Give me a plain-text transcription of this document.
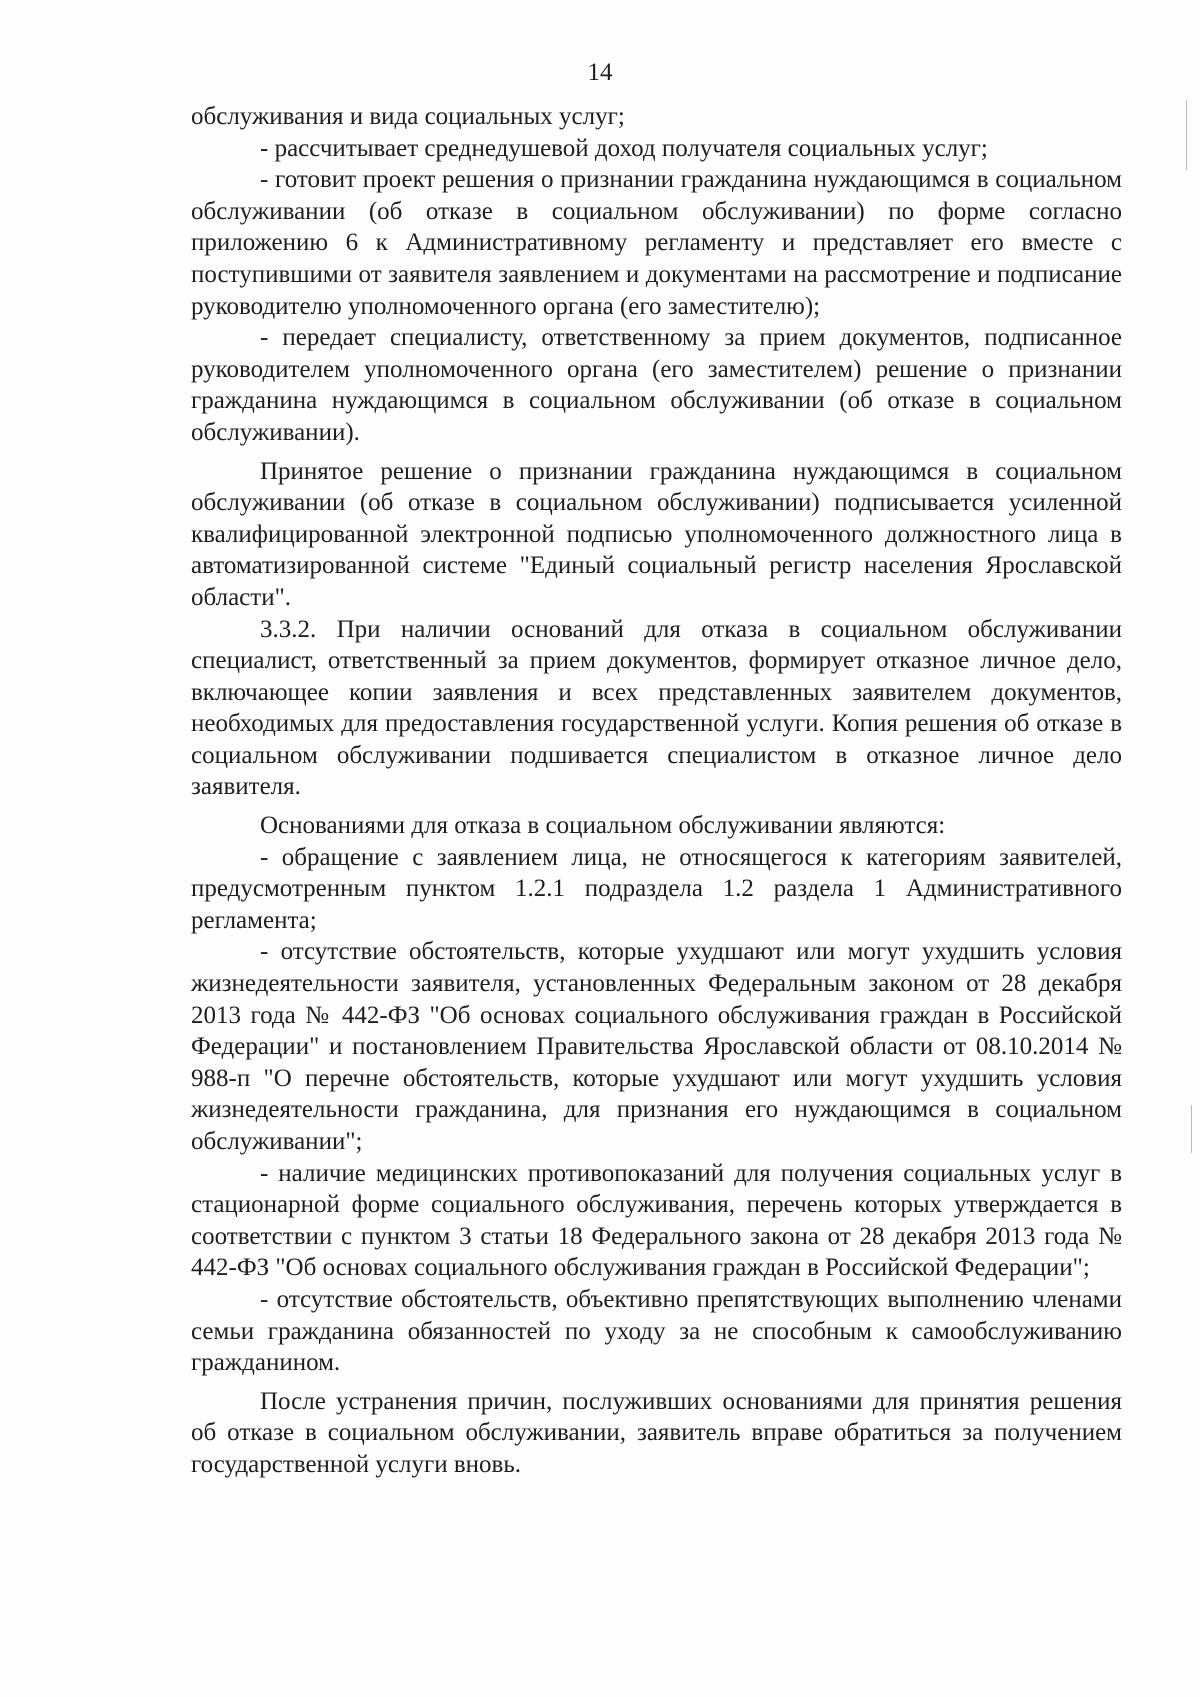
14

обслуживания и вида социальных услуг;

- рассчитывает среднедушевой доход получателя социальных услуг;

- готовит проект решения о признании гражданина нуждающимся в социальном обслуживании (об отказе в социальном обслуживании) по форме согласно приложению 6 к Административному регламенту и представляет его вместе с поступившими от заявителя заявлением и документами на рассмотрение и подписание руководителю уполномоченного органа (его заместителю);

- передает специалисту, ответственному за прием документов, подписанное руководителем уполномоченного органа (его заместителем) решение о признании гражданина нуждающимся в социальном обслуживании (об отказе в социальном обслуживании).

Принятое решение о признании гражданина нуждающимся в социальном обслуживании (об отказе в социальном обслуживании) подписывается усиленной квалифицированной электронной подписью уполномоченного должностного лица в автоматизированной системе "Единый социальный регистр населения Ярославской области".

3.3.2. При наличии оснований для отказа в социальном обслуживании специалист, ответственный за прием документов, формирует отказное личное дело, включающее копии заявления и всех представленных заявителем документов, необходимых для предоставления государственной услуги. Копия решения об отказе в социальном обслуживании подшивается специалистом в отказное личное дело заявителя.

Основаниями для отказа в социальном обслуживании являются:

- обращение с заявлением лица, не относящегося к категориям заявителей, предусмотренным пунктом 1.2.1 подраздела 1.2 раздела 1 Административного регламента;

- отсутствие обстоятельств, которые ухудшают или могут ухудшить условия жизнедеятельности заявителя, установленных Федеральным законом от 28 декабря 2013 года № 442-ФЗ "Об основах социального обслуживания граждан в Российской Федерации" и постановлением Правительства Ярославской области от 08.10.2014 № 988-п "О перечне обстоятельств, которые ухудшают или могут ухудшить условия жизнедеятельности гражданина, для признания его нуждающимся в социальном обслуживании";

- наличие медицинских противопоказаний для получения социальных услуг в стационарной форме социального обслуживания, перечень которых утверждается в соответствии с пунктом 3 статьи 18 Федерального закона от 28 декабря 2013 года № 442-ФЗ "Об основах социального обслуживания граждан в Российской Федерации";

- отсутствие обстоятельств, объективно препятствующих выполнению членами семьи гражданина обязанностей по уходу за не способным к самообслуживанию гражданином.

После устранения причин, послуживших основаниями для принятия решения об отказе в социальном обслуживании, заявитель вправе обратиться за получением государственной услуги вновь.
